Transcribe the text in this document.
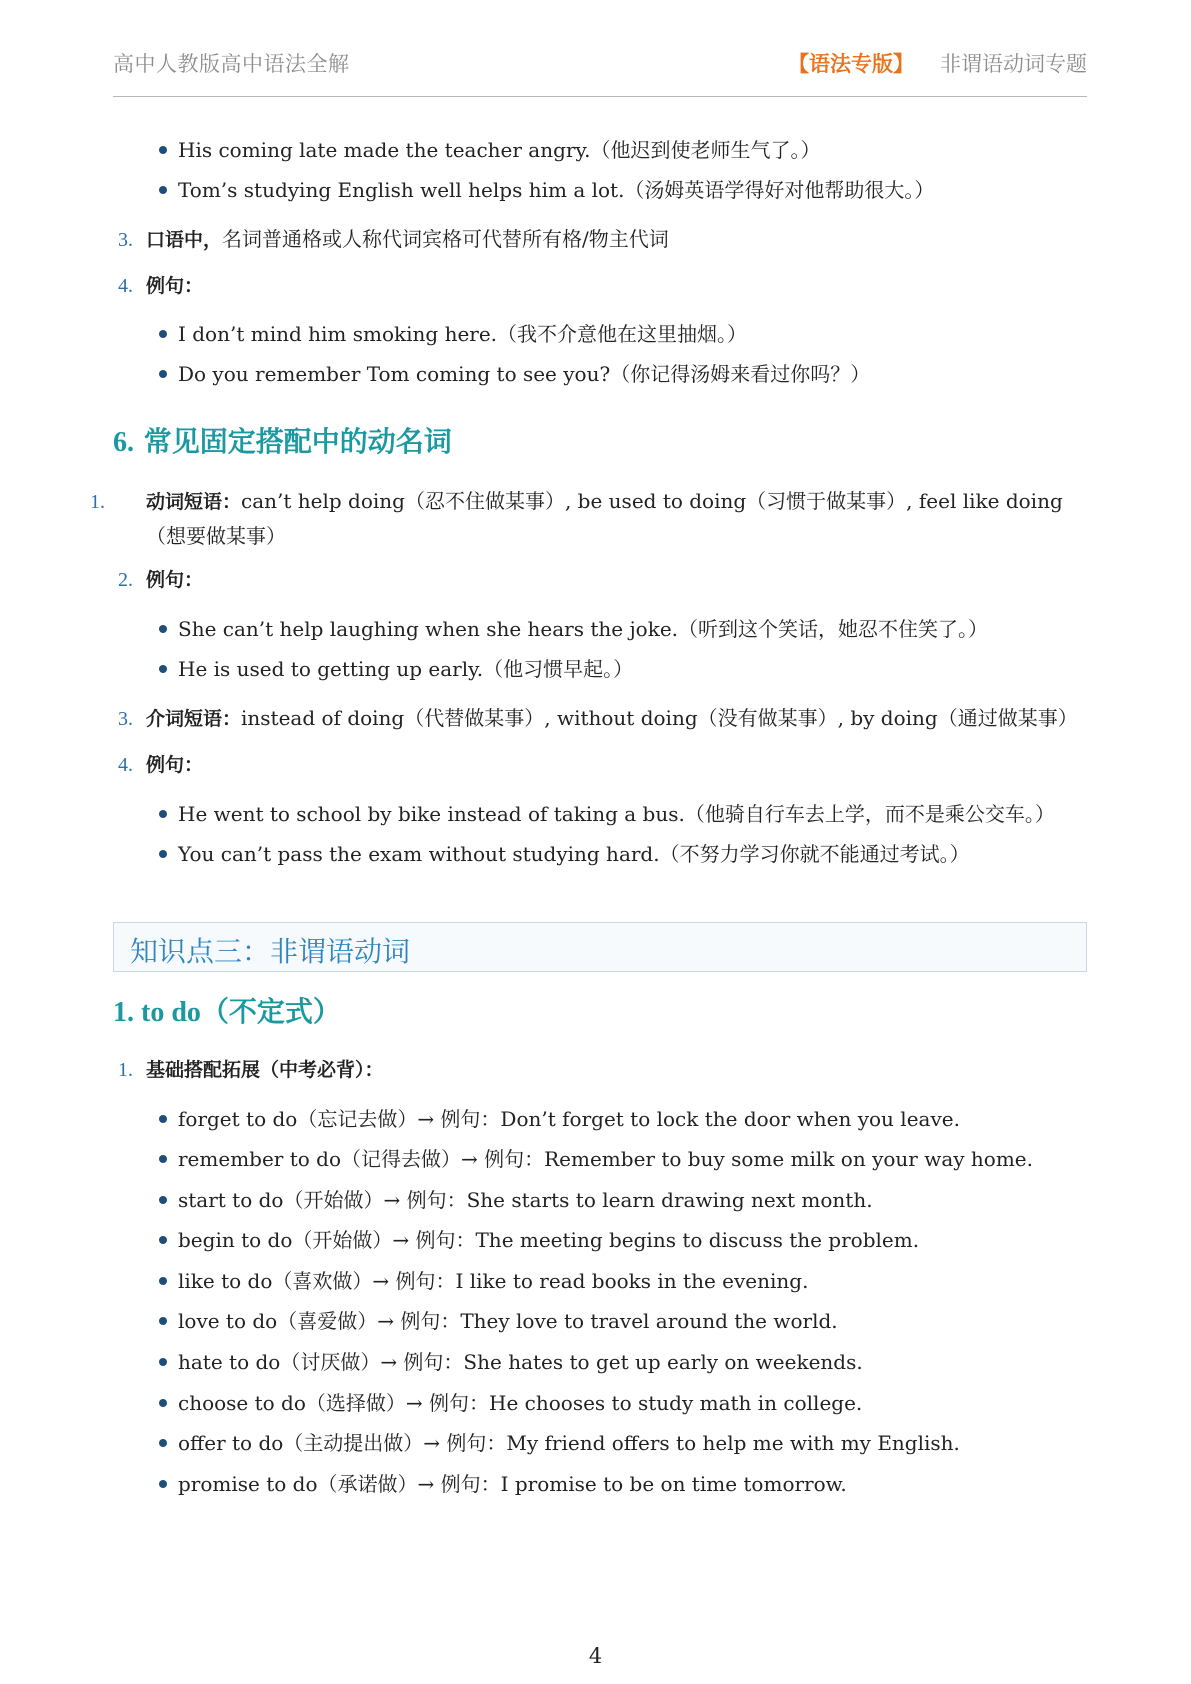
高中人教版高中语法全解	【语法专版】 非谓语动词专题
His coming late made the teacher angry.（他迟到使老师生气了。）
Tom’s studying English well helps him a lot.（汤姆英语学得好对他帮助很大。）
3. 口语中，名词普通格或人称代词宾格可代替所有格/物主代词
4. 例句：
I don’t mind him smoking here.（我不介意他在这里抽烟。）
Do you remember Tom coming to see you?（你记得汤姆来看过你吗？）
6. 常见固定搭配中的动名词
1. 动词短语：can’t help doing（忍不住做某事）, be used to doing（习惯于做某事）, feel like doing（想要做某事）
2. 例句：
She can’t help laughing when she hears the joke.（听到这个笑话，她忍不住笑了。）
He is used to getting up early.（他习惯早起。）
3. 介词短语：instead of doing（代替做某事）, without doing（没有做某事）, by doing（通过做某事）
4. 例句：
He went to school by bike instead of taking a bus.（他骑自行车去上学，而不是乘公交车。）
You can’t pass the exam without studying hard.（不努力学习你就不能通过考试。）
知识点三：非谓语动词
1. to do（不定式）
1. 基础搭配拓展（中考必背）：
forget to do（忘记去做）→ 例句：Don’t forget to lock the door when you leave.
remember to do（记得去做）→ 例句：Remember to buy some milk on your way home.
start to do（开始做）→ 例句：She starts to learn drawing next month.
begin to do（开始做）→ 例句：The meeting begins to discuss the problem.
like to do（喜欢做）→ 例句：I like to read books in the evening.
love to do（喜爱做）→ 例句：They love to travel around the world.
hate to do（讨厌做）→ 例句：She hates to get up early on weekends.
choose to do（选择做）→ 例句：He chooses to study math in college.
offer to do（主动提出做）→ 例句：My friend offers to help me with my English.
promise to do（承诺做）→ 例句：I promise to be on time tomorrow.
4
